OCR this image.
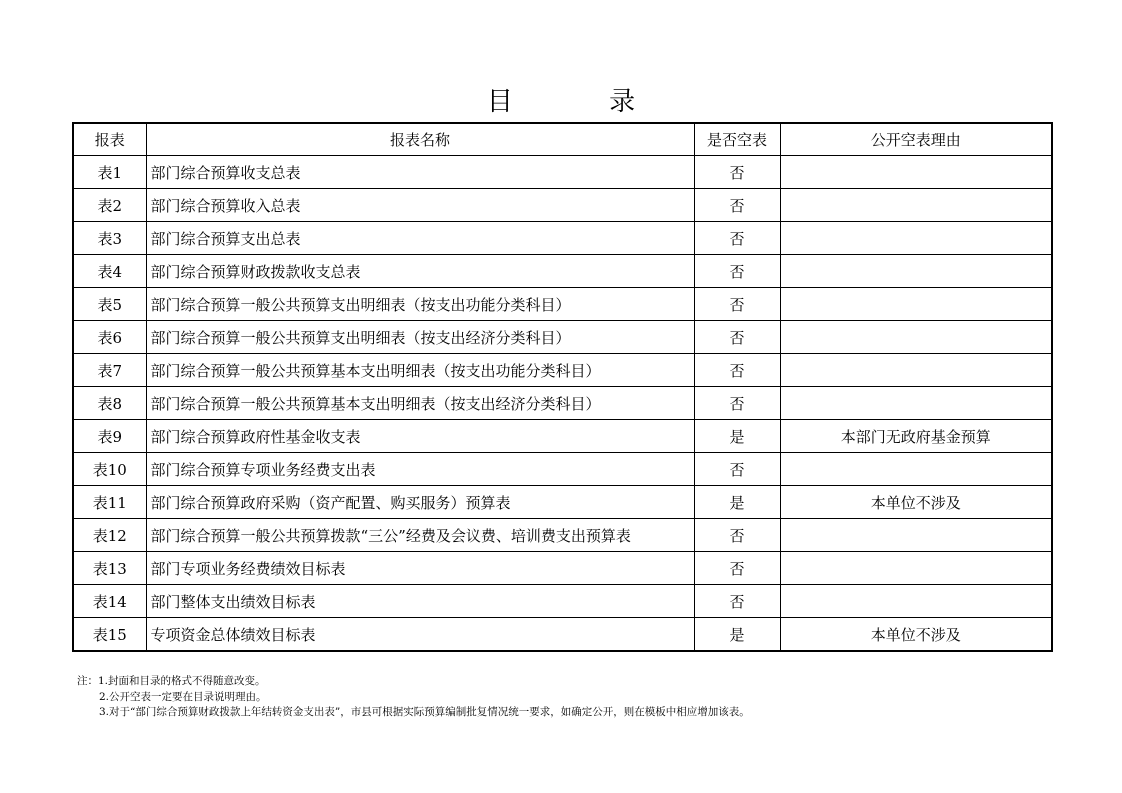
目 录
报表	报表名称	是否空表	公开空表理由
表1	部门综合预算收支总表	否	
表2	部门综合预算收入总表	否	
表3	部门综合预算支出总表	否	
表4	部门综合预算财政拨款收支总表	否	
表5	部门综合预算一般公共预算支出明细表（按支出功能分类科目）	否	
表6	部门综合预算一般公共预算支出明细表（按支出经济分类科目）	否	
表7	部门综合预算一般公共预算基本支出明细表（按支出功能分类科目）	否	
表8	部门综合预算一般公共预算基本支出明细表（按支出经济分类科目）	否	
表9	部门综合预算政府性基金收支表	是	本部门无政府基金预算
表10	部门综合预算专项业务经费支出表	否	
表11	部门综合预算政府采购（资产配置、购买服务）预算表	是	本单位不涉及
表12	部门综合预算一般公共预算拨款“三公”经费及会议费、培训费支出预算表	否	
表13	部门专项业务经费绩效目标表	否	
表14	部门整体支出绩效目标表	否	
表15	专项资金总体绩效目标表	是	本单位不涉及
注：1.封面和目录的格式不得随意改变。
2.公开空表一定要在目录说明理由。
3.对于“部门综合预算财政拨款上年结转资金支出表”，市县可根据实际预算编制批复情况统一要求，如确定公开，则在模板中相应增加该表。
